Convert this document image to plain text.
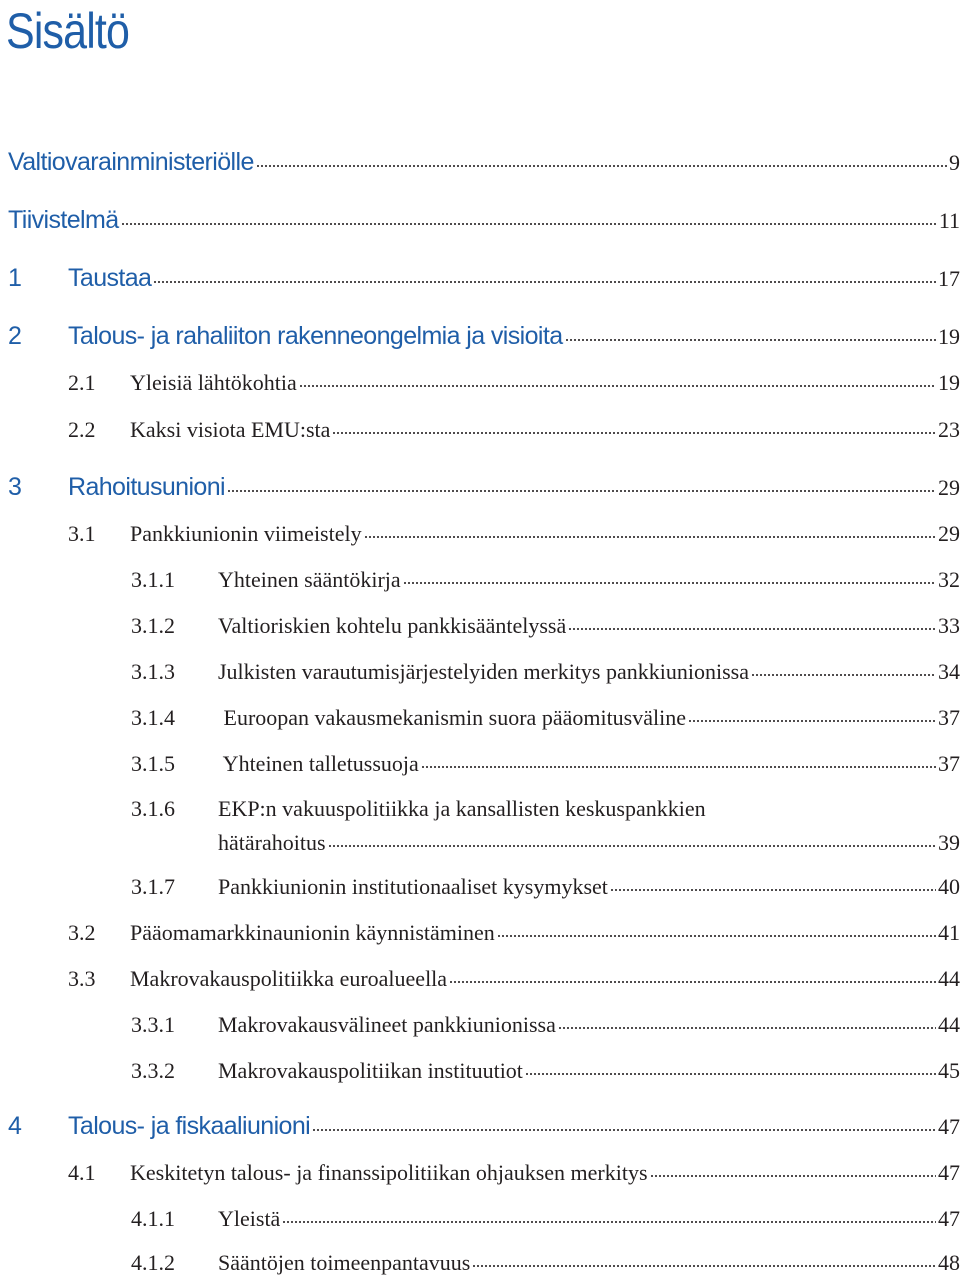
Sisältö
Valtiovarainministeriölle	9
Tiivistelmä	11
1	Taustaa	17
2	Talous- ja rahaliiton rakenneongelmia ja visioita	19
2.1	Yleisiä lähtökohtia	19
2.2	Kaksi visiota EMU:sta	23
3	Rahoitusunioni	29
3.1	Pankkiunionin viimeistely	29
3.1.1	Yhteinen sääntökirja	32
3.1.2	Valtioriskien kohtelu pankkisääntelyssä	33
3.1.3	Julkisten varautumisjärjestelyiden merkitys pankkiunionissa	34
3.1.4	Euroopan vakausmekanismin suora pääomitusväline	37
3.1.5	Yhteinen talletussuoja	37
3.1.6	EKP:n vakuuspolitiikka ja kansallisten keskuspankkien
hätärahoitus	39
3.1.7	Pankkiunionin institutionaaliset kysymykset	40
3.2	Pääomamarkkinaunionin käynnistäminen	41
3.3	Makrovakauspolitiikka euroalueella	44
3.3.1	Makrovakausvälineet pankkiunionissa	44
3.3.2	Makrovakauspolitiikan instituutiot	45
4	Talous- ja fiskaaliunioni	47
4.1	Keskitetyn talous- ja finanssipolitiikan ohjauksen merkitys	47
4.1.1	Yleistä	47
4.1.2	Sääntöjen toimeenpantavuus	48
